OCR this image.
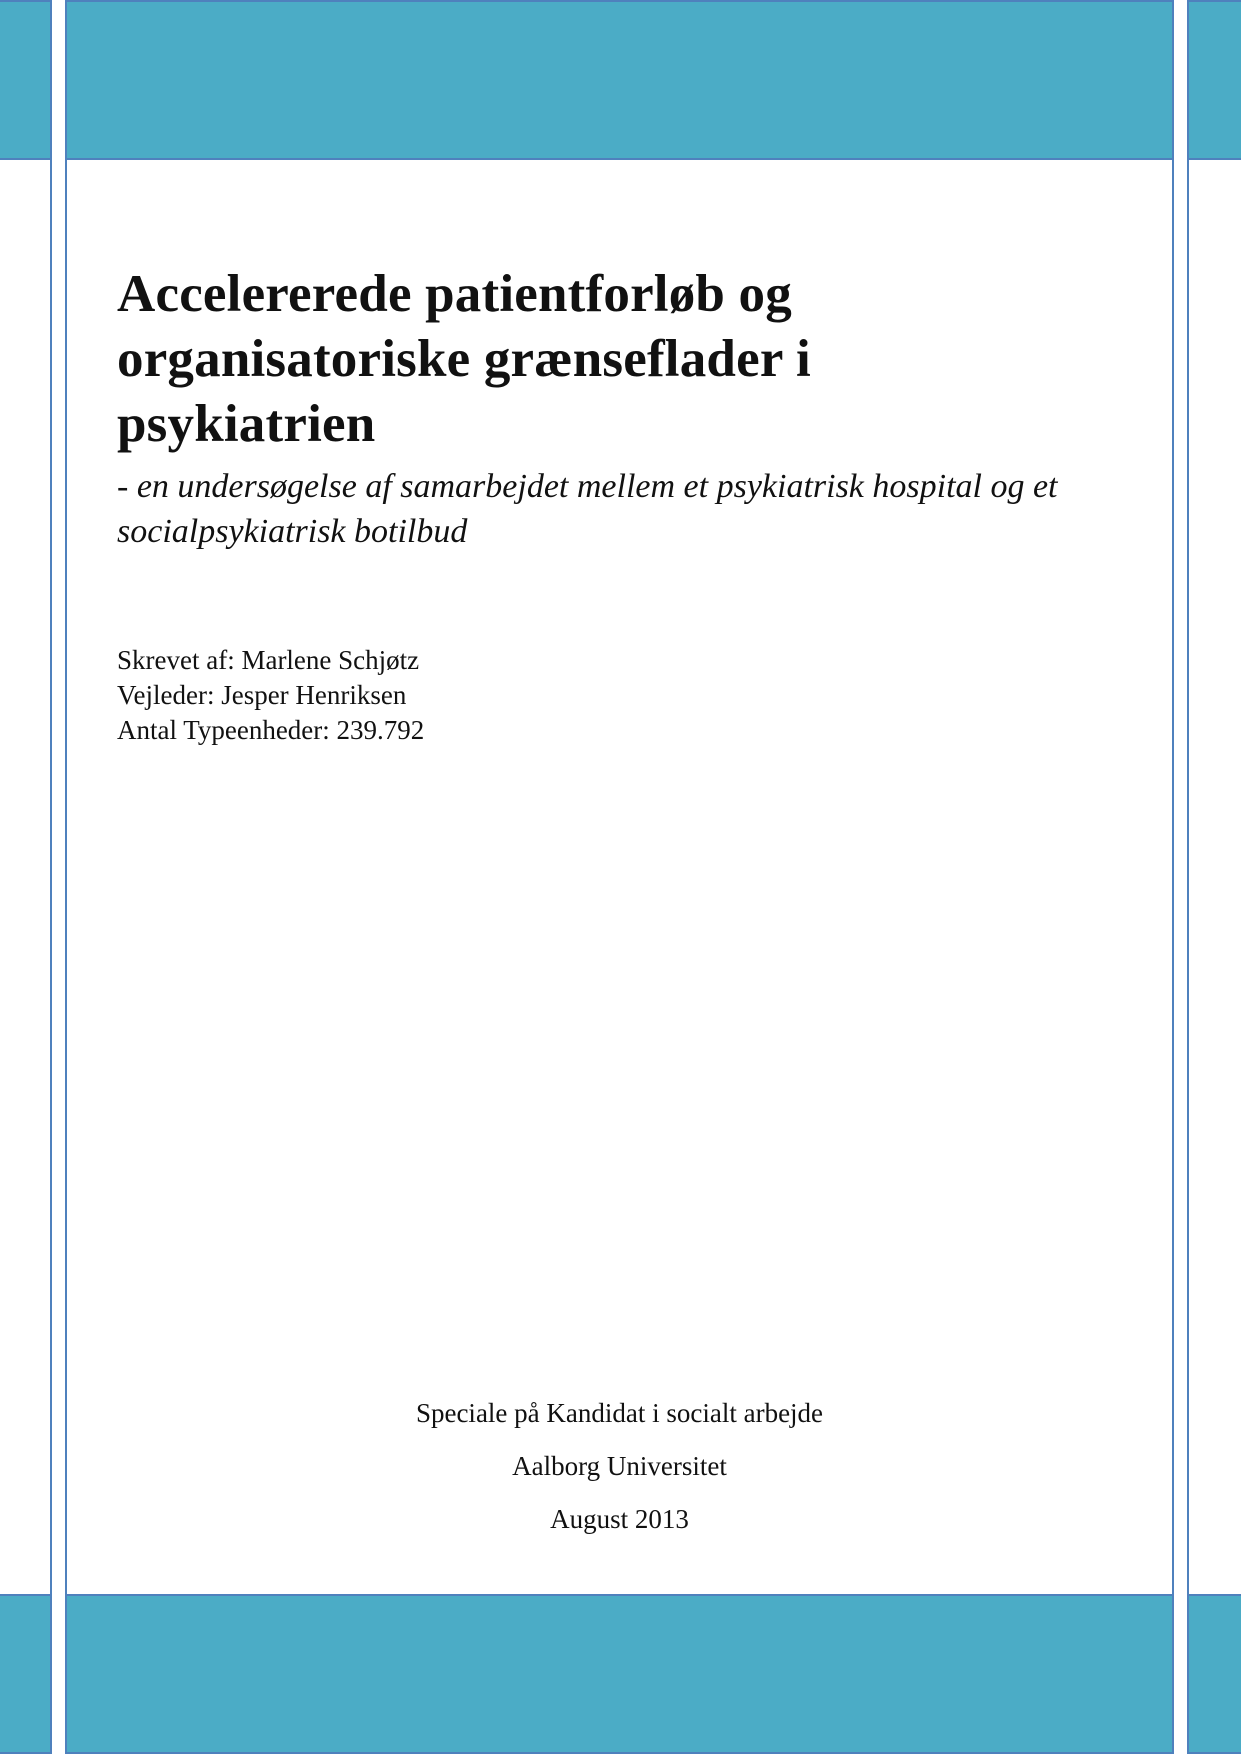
Accelererede patientforløb og
organisatoriske grænseflader i
psykiatrien

- en undersøgelse af samarbejdet mellem et psykiatrisk hospital og et
socialpsykiatrisk botilbud

Skrevet af: Marlene Schjøtz
Vejleder: Jesper Henriksen
Antal Typeenheder: 239.792
Speciale på Kandidat i socialt arbejde
Aalborg Universitet
August 2013
